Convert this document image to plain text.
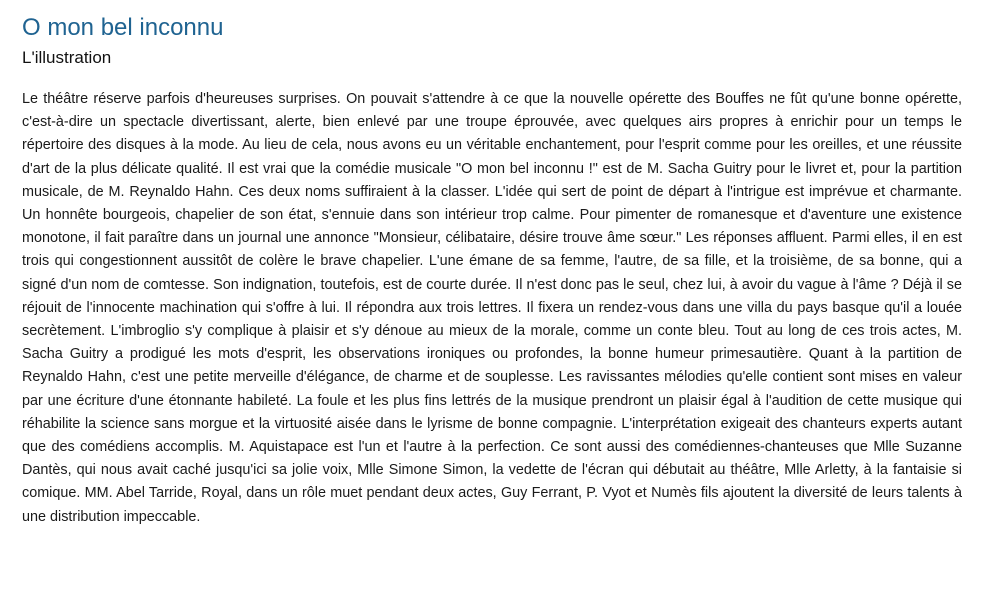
O mon bel inconnu
L'illustration

Le théâtre réserve parfois d'heureuses surprises. On pouvait s'attendre à ce que la nouvelle opérette des Bouffes ne fût qu'une bonne opérette, c'est-à-dire un spectacle divertissant, alerte, bien enlevé par une troupe éprouvée, avec quelques airs propres à enrichir pour un temps le répertoire des disques à la mode. Au lieu de cela, nous avons eu un véritable enchantement, pour l'esprit comme pour les oreilles, et une réussite d'art de la plus délicate qualité. Il est vrai que la comédie musicale "O mon bel inconnu !" est de M. Sacha Guitry pour le livret et, pour la partition musicale, de M. Reynaldo Hahn. Ces deux noms suffiraient à la classer. L'idée qui sert de point de départ à l'intrigue est imprévue et charmante. Un honnête bourgeois, chapelier de son état, s'ennuie dans son intérieur trop calme. Pour pimenter de romanesque et d'aventure une existence monotone, il fait paraître dans un journal une annonce "Monsieur, célibataire, désire trouve âme sœur." Les réponses affluent. Parmi elles, il en est trois qui congestionnent aussitôt de colère le brave chapelier. L'une émane de sa femme, l'autre, de sa fille, et la troisième, de sa bonne, qui a signé d'un nom de comtesse. Son indignation, toutefois, est de courte durée. Il n'est donc pas le seul, chez lui, à avoir du vague à l'âme ? Déjà il se réjouit de l'innocente machination qui s'offre à lui. Il répondra aux trois lettres. Il fixera un rendez-vous dans une villa du pays basque qu'il a louée secrètement. L'imbroglio s'y complique à plaisir et s'y dénoue au mieux de la morale, comme un conte bleu. Tout au long de ces trois actes, M. Sacha Guitry a prodigué les mots d'esprit, les observations ironiques ou profondes, la bonne humeur primesautière. Quant à la partition de Reynaldo Hahn, c'est une petite merveille d'élégance, de charme et de souplesse. Les ravissantes mélodies qu'elle contient sont mises en valeur par une écriture d'une étonnante habileté. La foule et les plus fins lettrés de la musique prendront un plaisir égal à l'audition de cette musique qui réhabilite la science sans morgue et la virtuosité aisée dans le lyrisme de bonne compagnie. L'interprétation exigeait des chanteurs experts autant que des comédiens accomplis. M. Aquistapace est l'un et l'autre à la perfection. Ce sont aussi des comédiennes-chanteuses que Mlle Suzanne Dantès, qui nous avait caché jusqu'ici sa jolie voix, Mlle Simone Simon, la vedette de l'écran qui débutait au théâtre, Mlle Arletty, à la fantaisie si comique. MM. Abel Tarride, Royal, dans un rôle muet pendant deux actes, Guy Ferrant, P. Vyot et Numès fils ajoutent la diversité de leurs talents à une distribution impeccable.
